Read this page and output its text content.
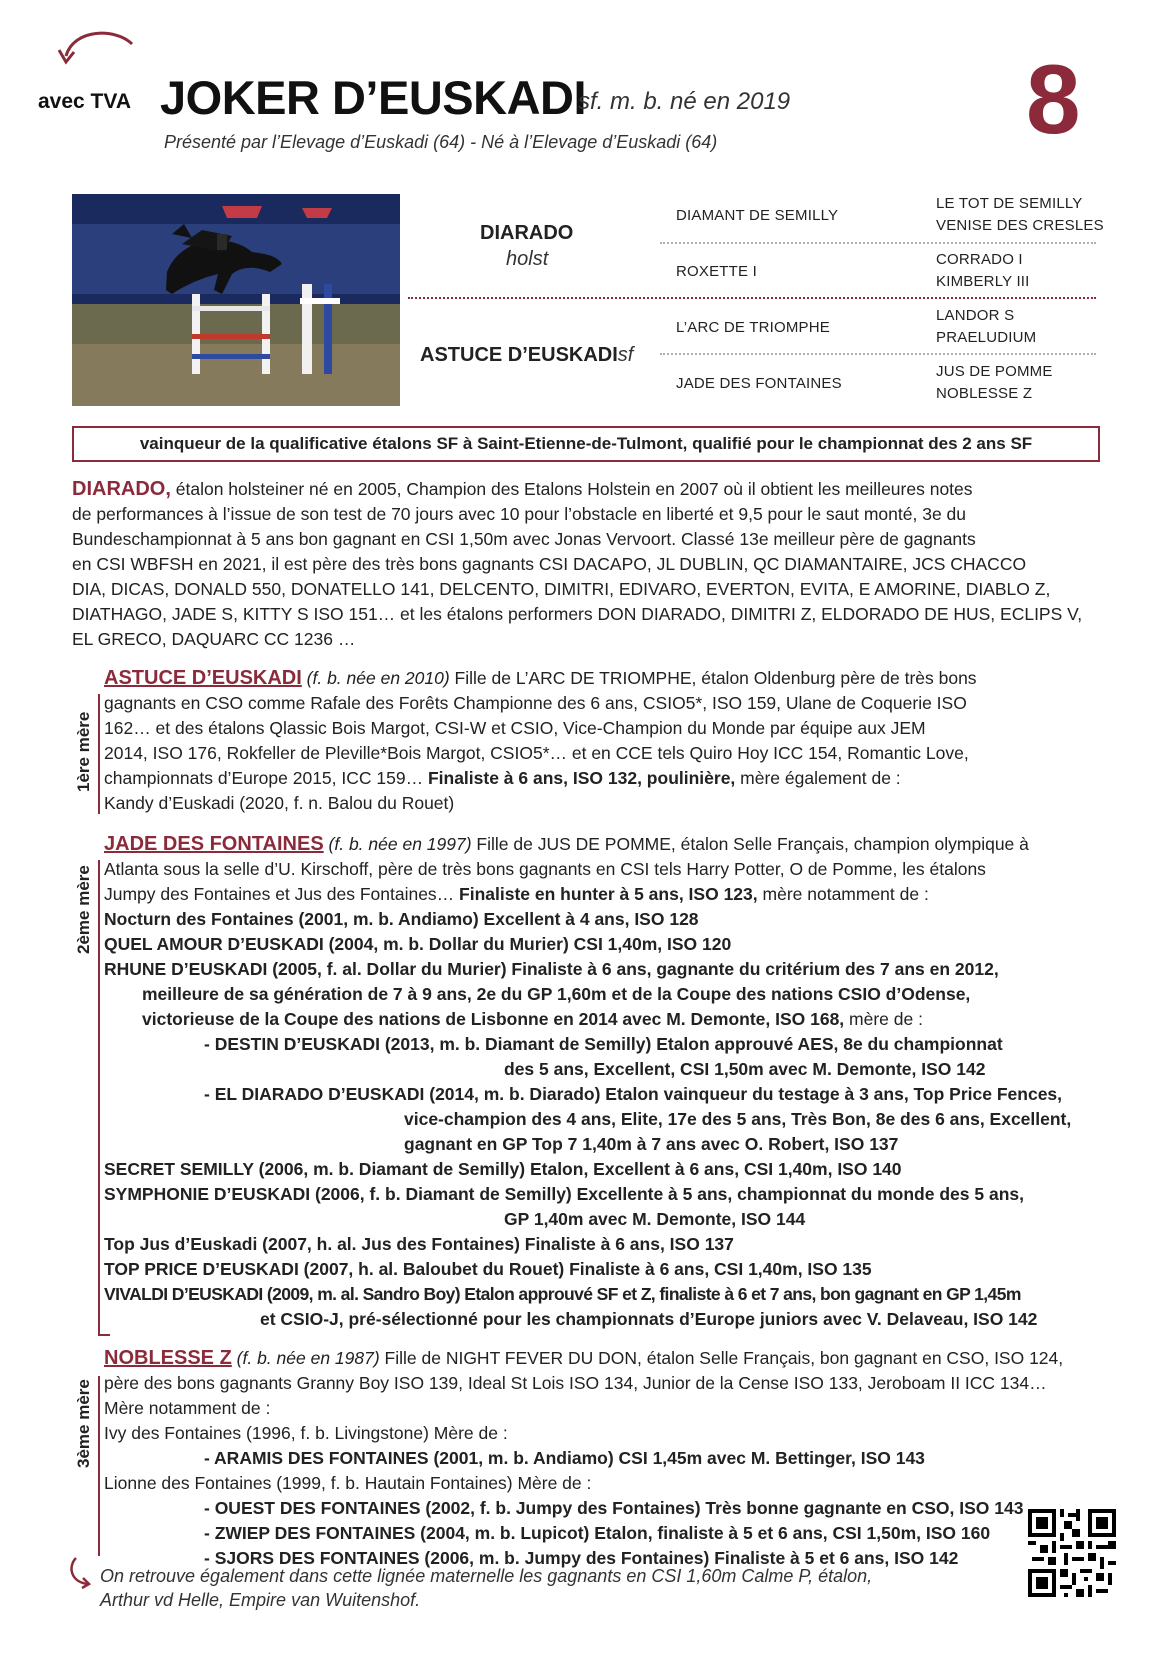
avec TVA JOKER D’EUSKADI
sf. m. b. né en 2019 8
Présenté par l’Elevage d’Euskadi (64) - Né à l’Elevage d’Euskadi (64)
DIARADO
holst
ASTUCE D’EUSKADIsf
DIAMANT DE SEMILLY
ROXETTE I
L’ARC DE TRIOMPHE
JADE DES FONTAINES
LE TOT DE SEMILLY
VENISE DES CRESLES
CORRADO I
KIMBERLY III
LANDOR S
PRAELUDIUM
JUS DE POMME
NOBLESSE Z
vainqueur de la qualificative étalons SF à Saint-Etienne-de-Tulmont, qualifié pour le championnat des 2 ans SF
DIARADO, étalon holsteiner né en 2005, Champion des Etalons Holstein en 2007 où il obtient les meilleures notes
de performances à l’issue de son test de 70 jours avec 10 pour l’obstacle en liberté et 9,5 pour le saut monté, 3e du
Bundeschampionnat à 5 ans bon gagnant en CSI 1,50m avec Jonas Vervoort. Classé 13e meilleur père de gagnants
en CSI WBFSH en 2021, il est père des très bons gagnants CSI DACAPO, JL DUBLIN, QC DIAMANTAIRE, JCS CHACCO
DIA, DICAS, DONALD 550, DONATELLO 141, DELCENTO, DIMITRI, EDIVARO, EVERTON, EVITA, E AMORINE, DIABLO Z,
DIATHAGO, JADE S, KITTY S ISO 151… et les étalons performers DON DIARADO, DIMITRI Z, ELDORADO DE HUS, ECLIPS V,
EL GRECO, DAQUARC CC 1236 …
1ère mère
ASTUCE D’EUSKADI (f. b. née en 2010) Fille de L’ARC DE TRIOMPHE, étalon Oldenburg père de très bons
gagnants en CSO comme Rafale des Forêts Championne des 6 ans, CSIO5*, ISO 159, Ulane de Coquerie ISO
162… et des étalons Qlassic Bois Margot, CSI-W et CSIO, Vice-Champion du Monde par équipe aux JEM
2014, ISO 176, Rokfeller de Pleville*Bois Margot, CSIO5*… et en CCE tels Quiro Hoy ICC 154, Romantic Love,
championnats d’Europe 2015, ICC 159… Finaliste à 6 ans, ISO 132, poulinière, mère également de :
Kandy d’Euskadi (2020, f. n. Balou du Rouet)
2ème mère
JADE DES FONTAINES (f. b. née en 1997) Fille de JUS DE POMME, étalon Selle Français, champion olympique à
Atlanta sous la selle d’U. Kirschoff, père de très bons gagnants en CSI tels Harry Potter, O de Pomme, les étalons
Jumpy des Fontaines et Jus des Fontaines… Finaliste en hunter à 5 ans, ISO 123, mère notamment de :
Nocturn des Fontaines (2001, m. b. Andiamo) Excellent à 4 ans, ISO 128
QUEL AMOUR D’EUSKADI (2004, m. b. Dollar du Murier) CSI 1,40m, ISO 120
RHUNE D’EUSKADI (2005, f. al. Dollar du Murier) Finaliste à 6 ans, gagnante du critérium des 7 ans en 2012,
meilleure de sa génération de 7 à 9 ans, 2e du GP 1,60m et de la Coupe des nations CSIO d’Odense,
victorieuse de la Coupe des nations de Lisbonne en 2014 avec M. Demonte, ISO 168, mère de :
- DESTIN D’EUSKADI (2013, m. b. Diamant de Semilly) Etalon approuvé AES, 8e du championnat
des 5 ans, Excellent, CSI 1,50m avec M. Demonte, ISO 142
- EL DIARADO D’EUSKADI (2014, m. b. Diarado) Etalon vainqueur du testage à 3 ans, Top Price Fences,
vice-champion des 4 ans, Elite, 17e des 5 ans, Très Bon, 8e des 6 ans, Excellent,
gagnant en GP Top 7 1,40m à 7 ans avec O. Robert, ISO 137
SECRET SEMILLY (2006, m. b. Diamant de Semilly) Etalon, Excellent à 6 ans, CSI 1,40m, ISO 140
SYMPHONIE D’EUSKADI (2006, f. b. Diamant de Semilly) Excellente à 5 ans, championnat du monde des 5 ans,
GP 1,40m avec M. Demonte, ISO 144
Top Jus d’Euskadi (2007, h. al. Jus des Fontaines) Finaliste à 6 ans, ISO 137
TOP PRICE D’EUSKADI (2007, h. al. Baloubet du Rouet) Finaliste à 6 ans, CSI 1,40m, ISO 135
VIVALDI D’EUSKADI (2009, m. al. Sandro Boy) Etalon approuvé SF et Z, finaliste à 6 et 7 ans, bon gagnant en GP 1,45m
et CSIO-J, pré-sélectionné pour les championnats d’Europe juniors avec V. Delaveau, ISO 142
3ème mère
NOBLESSE Z (f. b. née en 1987) Fille de NIGHT FEVER DU DON, étalon Selle Français, bon gagnant en CSO, ISO 124,
père des bons gagnants Granny Boy ISO 139, Ideal St Lois ISO 134, Junior de la Cense ISO 133, Jeroboam II ICC 134…
Mère notamment de :
Ivy des Fontaines (1996, f. b. Livingstone) Mère de :
- ARAMIS DES FONTAINES (2001, m. b. Andiamo) CSI 1,45m avec M. Bettinger, ISO 143
Lionne des Fontaines (1999, f. b. Hautain Fontaines) Mère de :
- OUEST DES FONTAINES (2002, f. b. Jumpy des Fontaines) Très bonne gagnante en CSO, ISO 143
- ZWIEP DES FONTAINES (2004, m. b. Lupicot) Etalon, finaliste à 5 et 6 ans, CSI 1,50m, ISO 160
- SJORS DES FONTAINES (2006, m. b. Jumpy des Fontaines) Finaliste à 5 et 6 ans, ISO 142
On retrouve également dans cette lignée maternelle les gagnants en CSI 1,60m Calme P, étalon,
Arthur vd Helle, Empire van Wuitenshof.
